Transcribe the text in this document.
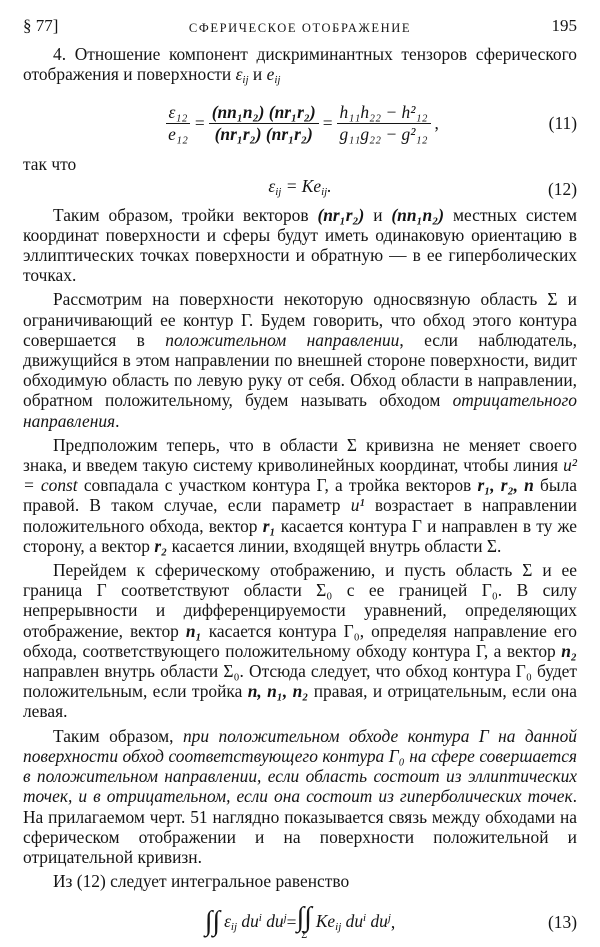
§ 77]	СФЕРИЧЕСКОЕ ОТОБРАЖЕНИЕ	195

4. Отношение компонент дискриминантных тензоров сферического отображения и поверхности $\varepsilon_{ij}$ и $e_{ij}$

$\frac{\text{ε₁₂}}{\text{e₁₂}} = \frac{\text{(nn₁n₂) (nr₁r₂)}}{\text{(nr₁r₂) (nr₁r₂)}} = \frac{\text{h₁₁h₂₂ − h²₁₂}}{\text{g₁₁g₂₂ − g²₁₂}}$ ,	(11)

так что

$\varepsilon_{ij} = Ke_{ij}$.	(12)

Таким образом, тройки векторов (nr₁r₂) и (nn₁n₂) местных систем координат поверхности и сферы будут иметь одинаковую ориентацию в эллиптических точках поверхности и обратную — в ее гиперболических точках.

Рассмотрим на поверхности некоторую односвязную область Σ и ограничивающий ее контур Γ. Будем говорить, что обход этого контура совершается в положительном направлении, если наблюдатель, движущийся в этом направлении по внешней стороне поверхности, видит обходимую область по левую руку от себя. Обход области в направлении, обратном положительному, будем называть обходом отрицательного направления.

Предположим теперь, что в области Σ кривизна не меняет своего знака, и введем такую систему криволинейных координат, чтобы линия u² = const совпадала с участком контура Γ, а тройка векторов r₁, r₂, n была правой. В таком случае, если параметр u¹ возрастает в направлении положительного обхода, вектор r₁ касается контура Γ и направлен в ту же сторону, а вектор r₂ касается линии, входящей внутрь области Σ.

Перейдем к сферическому отображению, и пусть область Σ и ее граница Γ соответствуют области Σ₀ с ее границей Γ₀. В силу непрерывности и дифференцируемости уравнений, определяющих отображение, вектор n₁ касается контура Γ₀, определяя направление его обхода, соответствующего положительному обходу контура Γ, а вектор n₂ направлен внутрь области Σ₀. Отсюда следует, что обход контура Γ₀ будет положительным, если тройка n, n₁, n₂ правая, и отрицательным, если она левая.

Таким образом, при положительном обходе контура Γ на данной поверхности обход соответствующего контура Γ₀ на сфере совершается в положительном направлении, если область состоит из эллиптических точек, и в отрицательном, если она состоит из гиперболических точек. На прилагаемом черт. 51 наглядно показывается связь между обходами на сферическом отображении и на поверхности положительной и отрицательной кривизн.

Из (12) следует интегральное равенство

∫∫ $\varepsilon_{ij}$ $du^i$ $du^j$ = ∫∫
Σ
$Ke_{ij}$ $du^i$ $du^j$ ,	(13)
